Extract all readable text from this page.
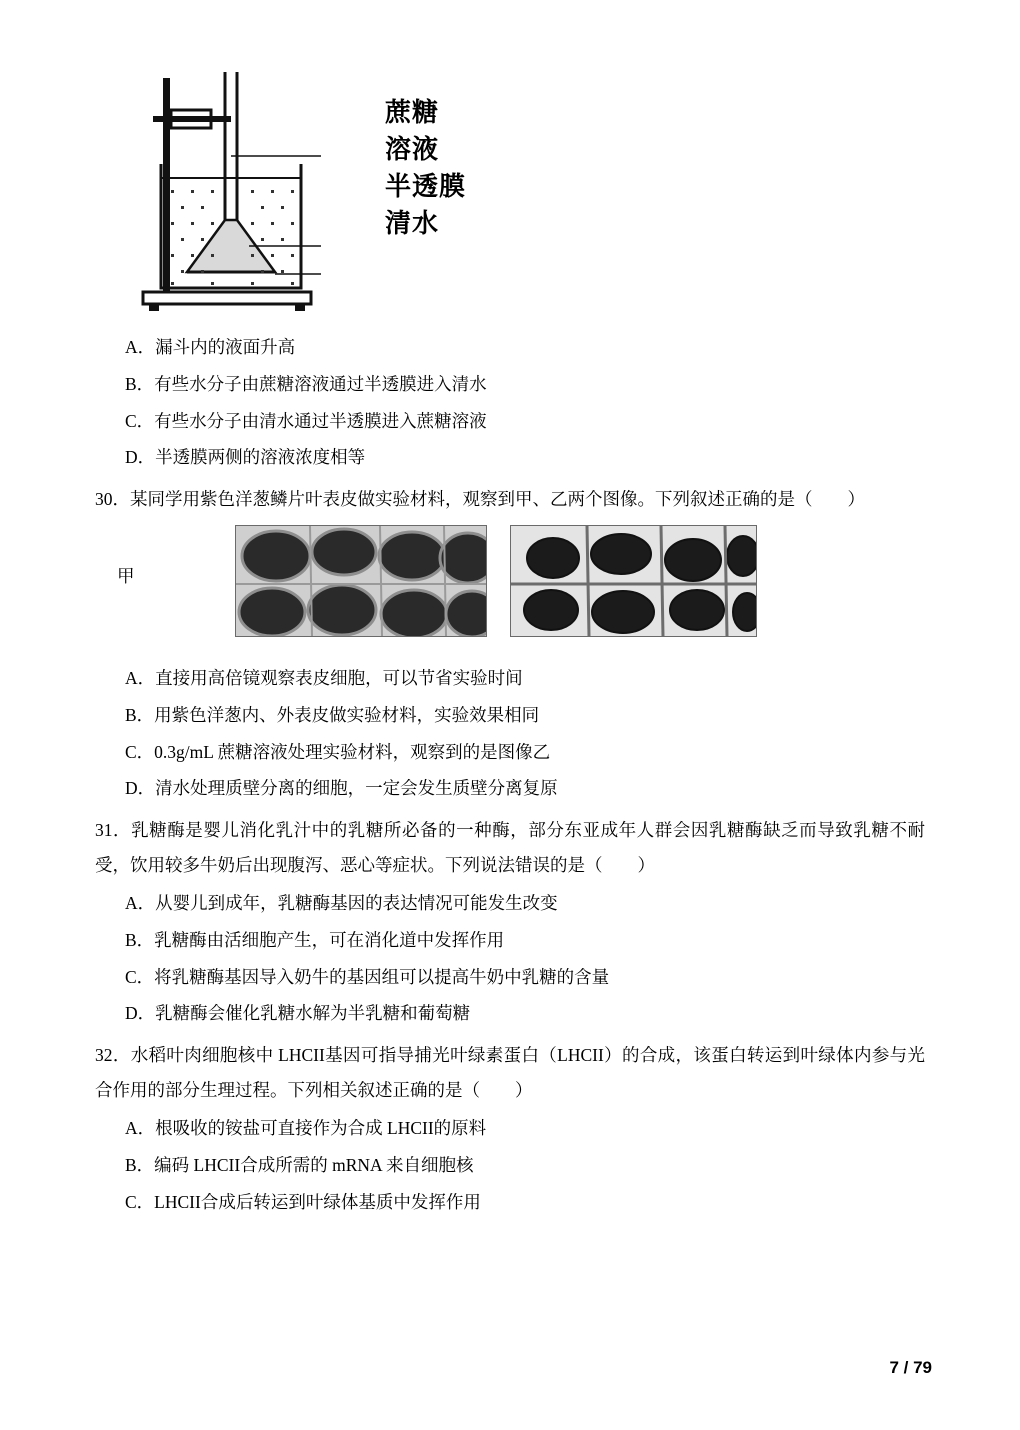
蔗糖
溶液
半透膜
清水

A．漏斗内的液面升高

B．有些水分子由蔗糖溶液通过半透膜进入清水

C．有些水分子由清水通过半透膜进入蔗糖溶液

D．半透膜两侧的溶液浓度相等

30．某同学用紫色洋葱鳞片叶表皮做实验材料，观察到甲、乙两个图像。下列叙述正确的是（　　）

甲

A．直接用高倍镜观察表皮细胞，可以节省实验时间

B．用紫色洋葱内、外表皮做实验材料，实验效果相同

C．0.3g/mL 蔗糖溶液处理实验材料，观察到的是图像乙

D．清水处理质壁分离的细胞，一定会发生质壁分离复原

31．乳糖酶是婴儿消化乳汁中的乳糖所必备的一种酶，部分东亚成年人群会因乳糖酶缺乏而导致乳糖不耐受，饮用较多牛奶后出现腹泻、恶心等症状。下列说法错误的是（　　）

A．从婴儿到成年，乳糖酶基因的表达情况可能发生改变

B．乳糖酶由活细胞产生，可在消化道中发挥作用

C．将乳糖酶基因导入奶牛的基因组可以提高牛奶中乳糖的含量

D．乳糖酶会催化乳糖水解为半乳糖和葡萄糖

32．水稻叶肉细胞核中 LHCII基因可指导捕光叶绿素蛋白（LHCII）的合成，该蛋白转运到叶绿体内参与光合作用的部分生理过程。下列相关叙述正确的是（　　）

A．根吸收的铵盐可直接作为合成 LHCII的原料

B．编码 LHCII合成所需的 mRNA 来自细胞核

C．LHCII合成后转运到叶绿体基质中发挥作用

7 / 79
